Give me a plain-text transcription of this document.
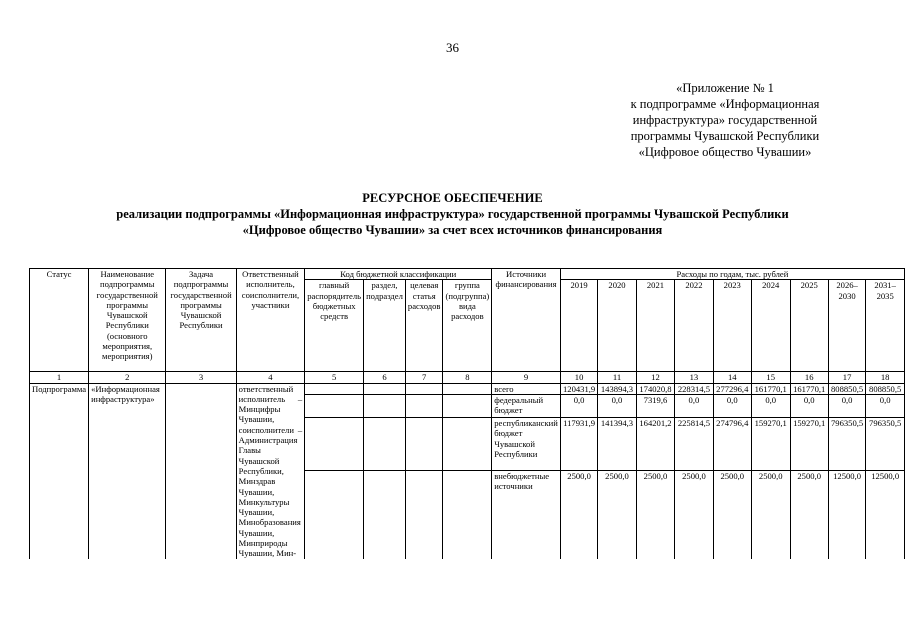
36
«Приложение № 1
к подпрограмме «Информационная
инфраструктура» государственной
программы Чувашской Республики
«Цифровое общество Чувашии»
РЕСУРСНОЕ ОБЕСПЕЧЕНИЕ
реализации подпрограммы «Информационная инфраструктура» государственной программы Чувашской Республики
«Цифровое общество Чувашии» за счет всех источников финансирования
Статус	Наименование подпрограммы государственной программы Чувашской Республики (основного мероприятия, мероприятия)	Задача подпрограммы государственной программы Чувашской Республики	Ответственный исполнитель, соисполнители, участники	Код бюджетной классификации				Источники финансирования	Расходы по годам, тыс. рублей								
				главный распорядитель бюджетных средств	раздел, подраздел	целевая статья расходов	группа (подгруппа) вида расходов		2019	2020	2021	2022	2023	2024	2025	2026–2030	2031–2035
1	2	3	4	5	6	7	8	9	10	11	12	13	14	15	16	17	18
Подпрограмма	«Информационная инфраструктура»		ответственный исполнитель – Минцифры Чувашии, соисполнители – Администрация Главы Чувашской Республики, Минздрав Чувашии, Минкультуры Чувашии, Минобразования Чувашии, Минприроды Чувашии, Мин-					всего	120431,9	143894,3	174020,8	228314,5	277296,4	161770,1	161770,1	808850,5	808850,5
								федеральный бюджет	0,0	0,0	7319,6	0,0	0,0	0,0	0,0	0,0	0,0
								республиканский бюджет Чувашской Республики	117931,9	141394,3	164201,2	225814,5	274796,4	159270,1	159270,1	796350,5	796350,5
								внебюджетные источники	2500,0	2500,0	2500,0	2500,0	2500,0	2500,0	2500,0	12500,0	12500,0
